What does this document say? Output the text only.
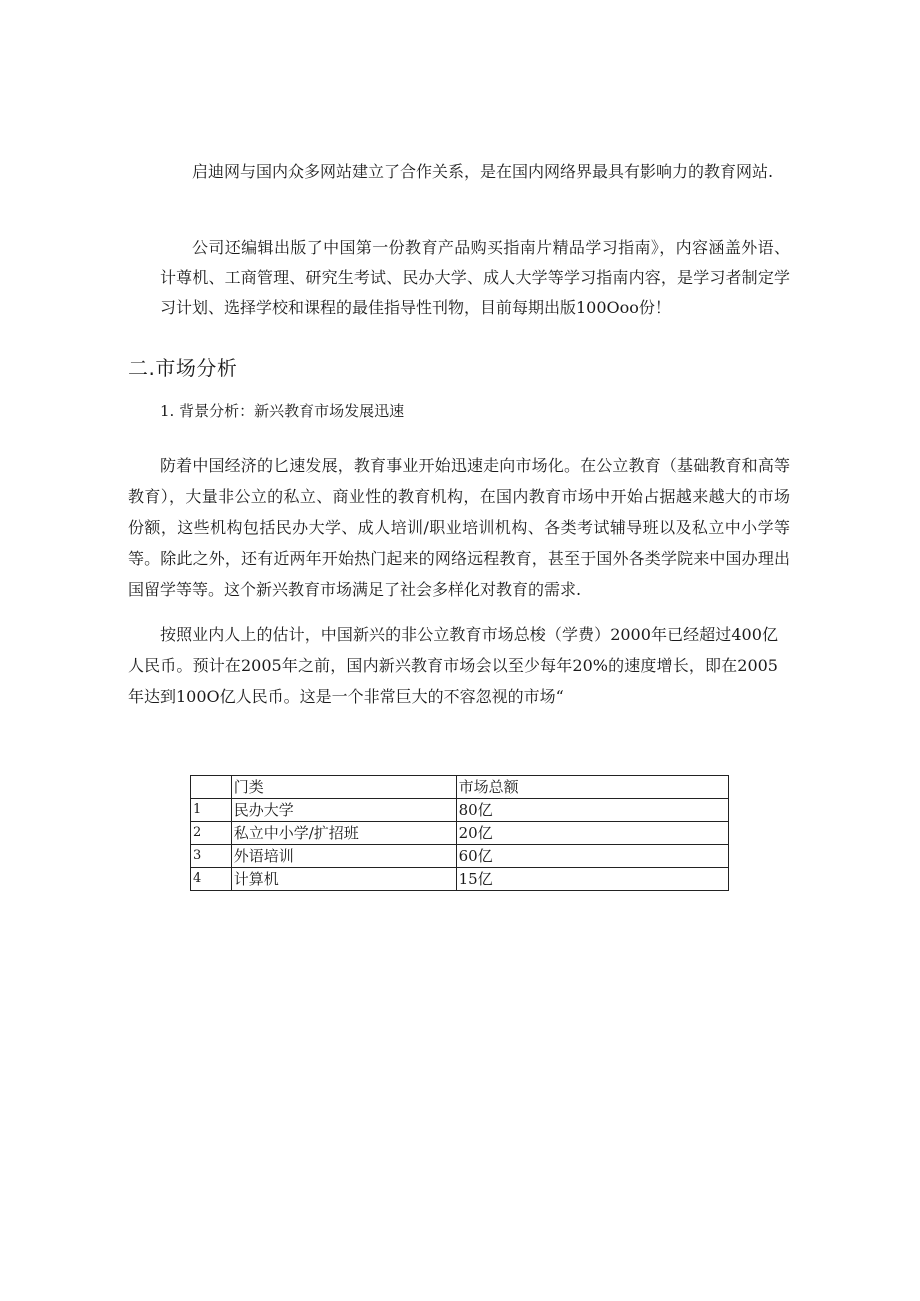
启迪网与国内众多网站建立了合作关系，是在国内网络界最具有影响力的教育网站.

公司还编辑出版了中国第一份教育产品购买指南片精品学习指南》，内容涵盖外语、计尊机、工商管理、研究生考试、民办大学、成人大学等学习指南内容，是学习者制定学习计划、选择学校和课程的最佳指导性刊物，目前每期出版100Ooo份！

二.市场分析

1. 背景分析：新兴教育市场发展迅速

防着中国经济的匕速发展，教育事业开始迅速走向市场化。在公立教育（基础教育和高等教育），大量非公立的私立、商业性的教育机构，在国内教育市场中开始占据越来越大的市场份额，这些机构包括民办大学、成人培训/职业培训机构、各类考试辅导班以及私立中小学等等。除此之外，还有近两年开始热门起来的网络远程教育，甚至于国外各类学院来中国办理出国留学等等。这个新兴教育市场满足了社会多样化对教育的需求.

按照业内人上的估计，中国新兴的非公立教育市场总梭（学费）2000年已经超过400亿人民币。预计在2005年之前，国内新兴教育市场会以至少每年20%的速度增长，即在2005年达到100O亿人民币。这是一个非常巨大的不容忽视的市场“

	门类	市场总额
1	民办大学	80亿
2	私立中小学/扩招班	20亿
3	外语培训	60亿
4	计算机	15亿
